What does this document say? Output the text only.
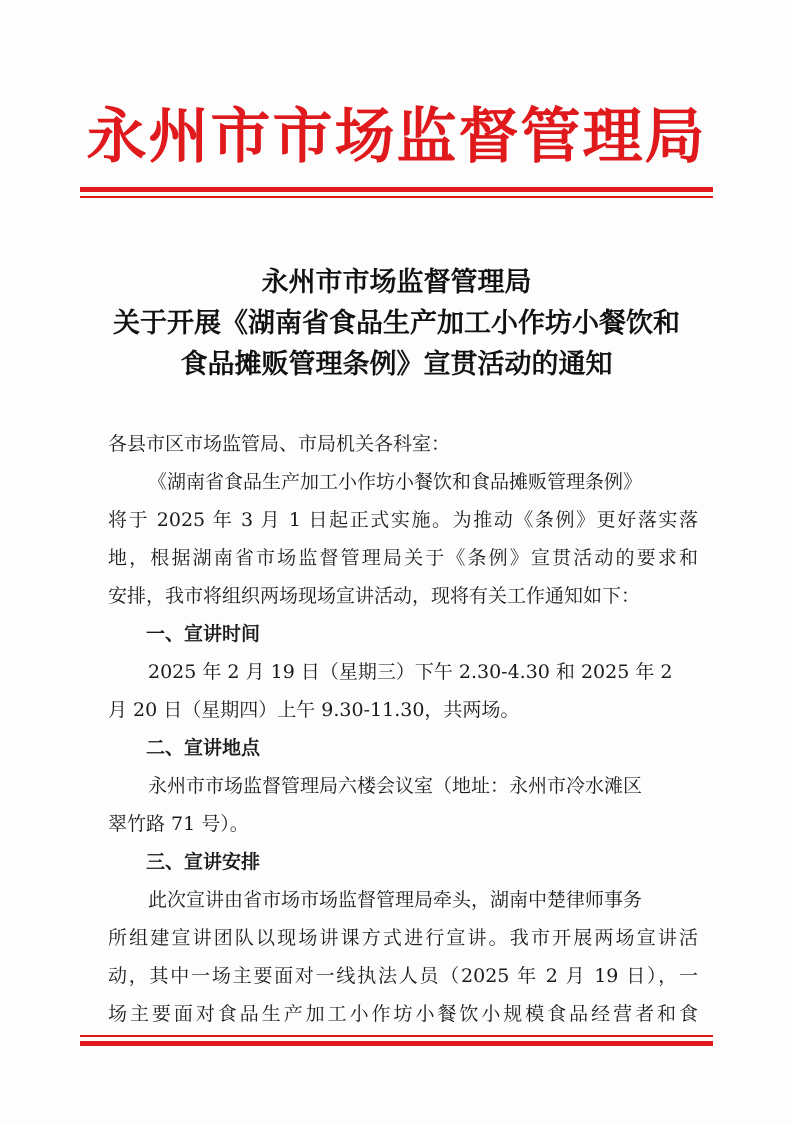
永州市市场监督管理局
永州市市场监督管理局
关于开展《湖南省食品生产加工小作坊小餐饮和
食品摊贩管理条例》宣贯活动的通知

各县市区市场监管局、市局机关各科室：

《湖南省食品生产加工小作坊小餐饮和食品摊贩管理条例》

将于 2025 年 3 月 1 日起正式实施。为推动《条例》更好落实落

地，根据湖南省市场监督管理局关于《条例》宣贯活动的要求和

安排，我市将组织两场现场宣讲活动，现将有关工作通知如下：

一、宣讲时间

2025 年 2 月 19 日（星期三）下午 2.30-4.30 和 2025 年 2

月 20 日（星期四）上午 9.30-11.30，共两场。

二、宣讲地点

永州市市场监督管理局六楼会议室（地址：永州市冷水滩区

翠竹路 71 号）。

三、宣讲安排

此次宣讲由省市场市场监督管理局牵头，湖南中楚律师事务

所组建宣讲团队以现场讲课方式进行宣讲。我市开展两场宣讲活

动，其中一场主要面对一线执法人员（2025 年 2 月 19 日），一

场主要面对食品生产加工小作坊小餐饮小规模食品经营者和食
